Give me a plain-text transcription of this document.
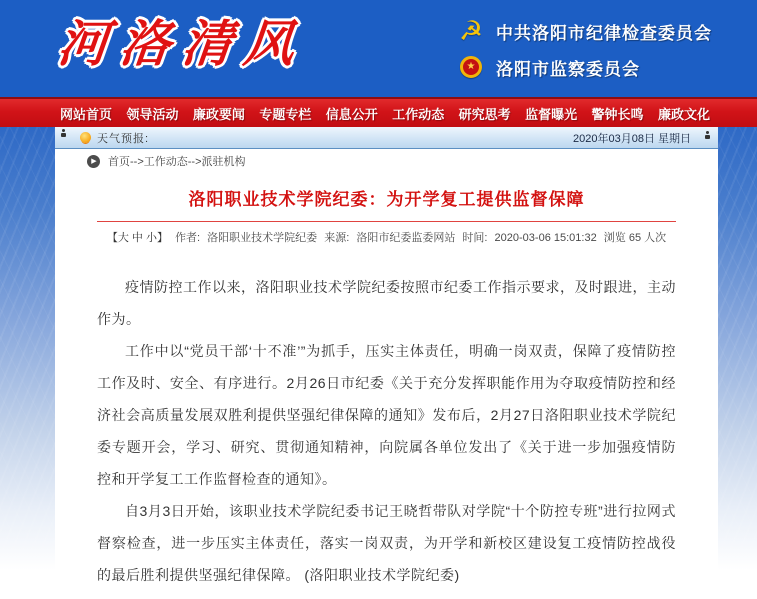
河洛清风	☭ 中共洛阳市纪律检查委员会
★ 洛阳市监察委员会
网站首页 领导活动 廉政要闻 专题专栏 信息公开 工作动态 研究思考 监督曝光 警钟长鸣 廉政文化
天气预报:	2020年03月08日 星期日
▶	首页-->工作动态-->派驻机构
洛阳职业技术学院纪委：为开学复工提供监督保障
【大 中 小】 作者: 洛阳职业技术学院纪委 来源: 洛阳市纪委监委网站 时间: 2020-03-06 15:01:32 浏览 65 人次

疫情防控工作以来，洛阳职业技术学院纪委按照市纪委工作指示要求，及时跟进，主动作为。

工作中以“党员干部‘十不准’”为抓手，压实主体责任，明确一岗双责，保障了疫情防控工作及时、安全、有序进行。2月26日市纪委《关于充分发挥职能作用为夺取疫情防控和经济社会高质量发展双胜利提供坚强纪律保障的通知》发布后，2月27日洛阳职业技术学院纪委专题开会，学习、研究、贯彻通知精神，向院属各单位发出了《关于进一步加强疫情防控和开学复工工作监督检查的通知》。

自3月3日开始，该职业技术学院纪委书记王晓哲带队对学院“十个防控专班”进行拉网式督察检查，进一步压实主体责任，落实一岗双责，为开学和新校区建设复工疫情防控战役的最后胜利提供坚强纪律保障。 (洛阳职业技术学院纪委)
